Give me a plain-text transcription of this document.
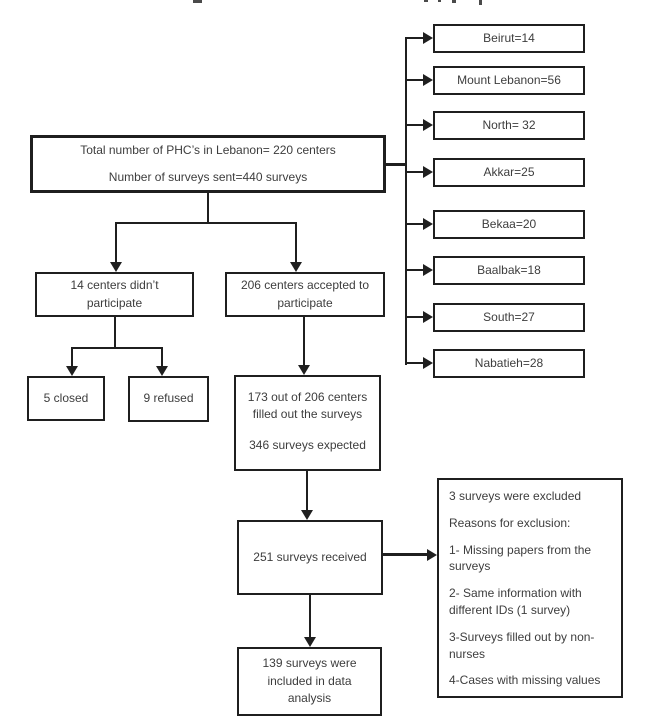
Total number of PHC’s in Lebanon= 220 centers
Number of surveys sent=440 surveys
Beirut=14
Mount Lebanon=56
North= 32
Akkar=25
Bekaa=20
Baalbak=18
South=27
Nabatieh=28
14 centers didn’t
participate
206 centers accepted to
participate
5 closed	9 refused	173 out of 206 centers
filled out the surveys
346 surveys expected
251 surveys received

3 surveys were excluded

Reasons for exclusion:

1- Missing papers from the surveys

2- Same information with different IDs (1 survey)

3-Surveys filled out by non-nurses

4-Cases with missing values

139 surveys were
included in data
analysis
